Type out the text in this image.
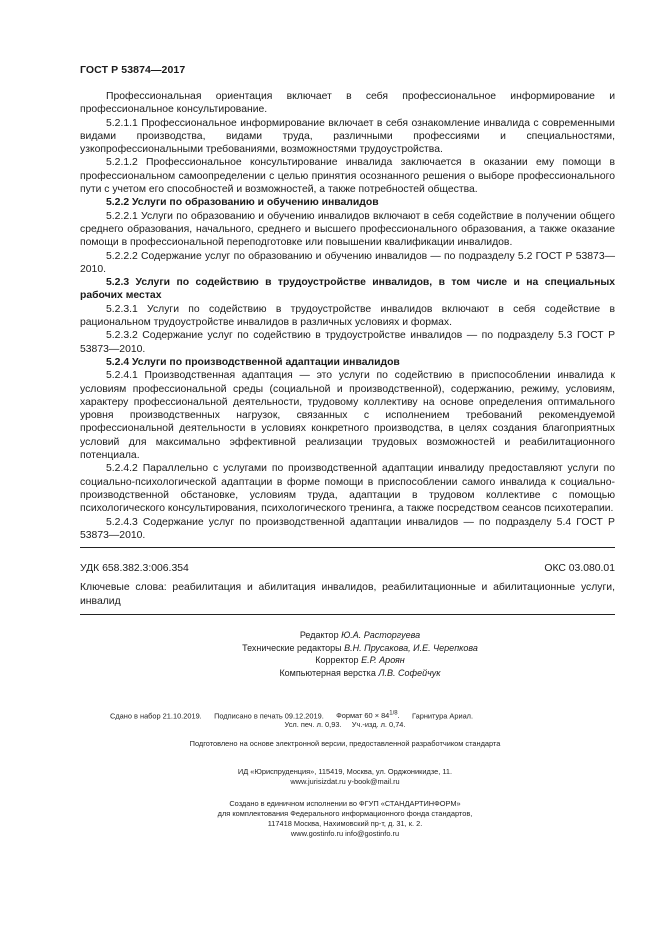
ГОСТ Р 53874—2017

Профессиональная ориентация включает в себя профессиональное информирование и профессиональное консультирование.

5.2.1.1 Профессиональное информирование включает в себя ознакомление инвалида с современными видами производства, видами труда, различными профессиями и специальностями, узкопрофессиональными требованиями, возможностями трудоустройства.

5.2.1.2 Профессиональное консультирование инвалида заключается в оказании ему помощи в профессиональном самоопределении с целью принятия осознанного решения о выборе профессионального пути с учетом его способностей и возможностей, а также потребностей общества.

5.2.2 Услуги по образованию и обучению инвалидов

5.2.2.1 Услуги по образованию и обучению инвалидов включают в себя содействие в получении общего среднего образования, начального, среднего и высшего профессионального образования, а также оказание помощи в профессиональной переподготовке или повышении квалификации инвалидов.

5.2.2.2 Содержание услуг по образованию и обучению инвалидов — по подразделу 5.2 ГОСТ Р 53873—2010.

5.2.3 Услуги по содействию в трудоустройстве инвалидов, в том числе и на специальных рабочих местах

5.2.3.1 Услуги по содействию в трудоустройстве инвалидов включают в себя содействие в рациональном трудоустройстве инвалидов в различных условиях и формах.

5.2.3.2 Содержание услуг по содействию в трудоустройстве инвалидов — по подразделу 5.3 ГОСТ Р 53873—2010.

5.2.4 Услуги по производственной адаптации инвалидов

5.2.4.1 Производственная адаптация — это услуги по содействию в приспособлении инвалида к условиям профессиональной среды (социальной и производственной), содержанию, режиму, условиям, характеру профессиональной деятельности, трудовому коллективу на основе определения оптимального уровня производственных нагрузок, связанных с исполнением требований рекомендуемой профессиональной деятельности в условиях конкретного производства, в целях создания благоприятных условий для максимально эффективной реализации трудовых возможностей и реабилитационного потенциала.

5.2.4.2 Параллельно с услугами по производственной адаптации инвалиду предоставляют услуги по социально-психологической адаптации в форме помощи в приспособлении самого инвалида к социально-производственной обстановке, условиям труда, адаптации в трудовом коллективе с помощью психологического консультирования, психологического тренинга, а также посредством сеансов психотерапии.

5.2.4.3 Содержание услуг по производственной адаптации инвалидов — по подразделу 5.4 ГОСТ Р 53873—2010.

УДК 658.382.3:006.354	ОКС 03.080.01
Ключевые слова: реабилитация и абилитация инвалидов, реабилитационные и абилитационные услуги, инвалид
Редактор Ю.А. Расторгуева
Технические редакторы В.Н. Прусакова, И.Е. Черепкова
Корректор Е.Р. Ароян
Компьютерная верстка Л.В. Софейчук
Сдано в набор 21.10.2019. Подписано в печать 09.12.2019. Формат $60 \times 84^{1/8}$. Гарнитура Ариал.
Усл. печ. л. 0,93. Уч.-изд. л. 0,74.
Подготовлено на основе электронной версии, предоставленной разработчиком стандарта
ИД «Юриспруденция», 115419, Москва, ул. Орджоникидзе, 11.
www.jurisizdat.ru y-book@mail.ru
Создано в единичном исполнении во ФГУП «СТАНДАРТИНФОРМ»
для комплектования Федерального информационного фонда стандартов,
117418 Москва, Нахимовский пр-т, д. 31, к. 2.
www.gostinfo.ru info@gostinfo.ru
